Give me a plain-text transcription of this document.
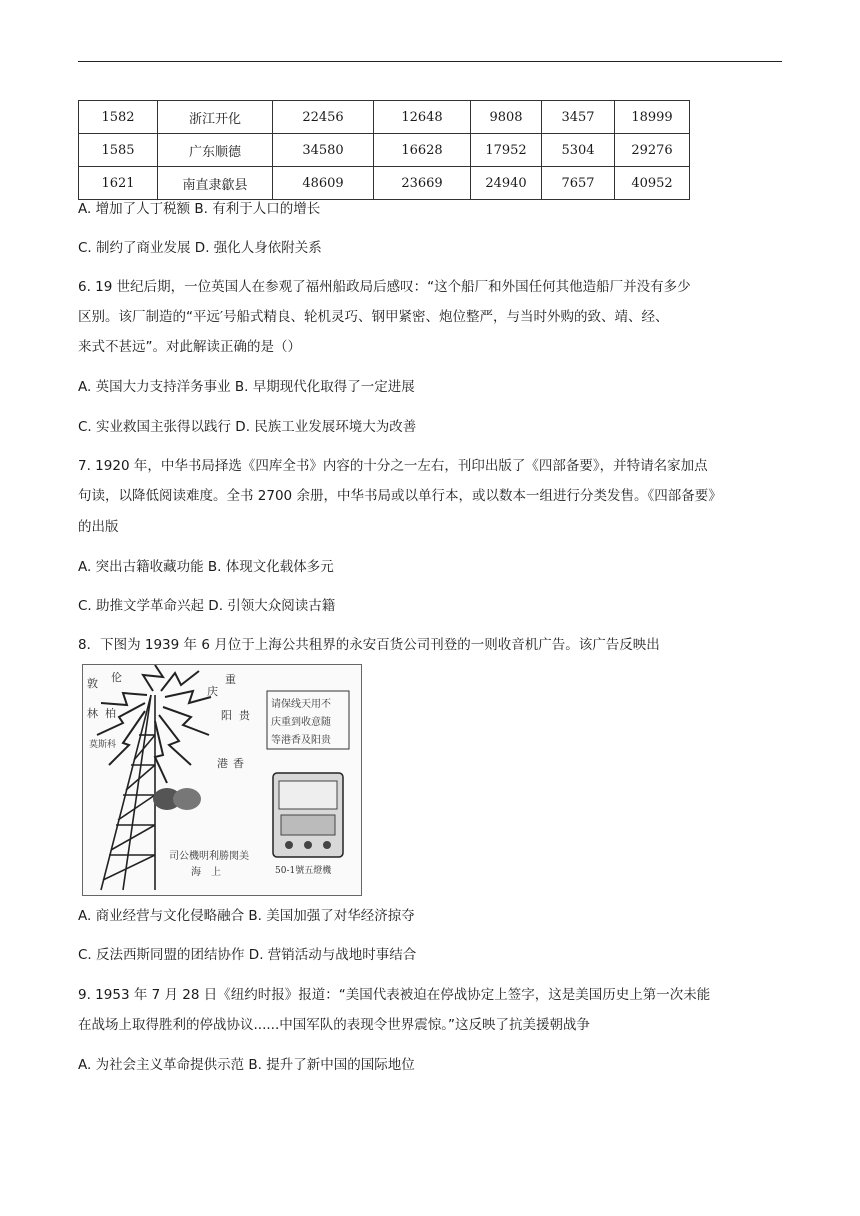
1582	浙江开化	22456	12648	9808	3457	18999
1585	广东顺德	34580	16628	17952	5304	29276
1621	南直隶歙县	48609	23669	24940	7657	40952
A. 增加了人丁税额 B. 有利于人口的增长
C. 制约了商业发展 D. 强化人身依附关系
6. 19 世纪后期，一位英国人在参观了福州船政局后感叹：“这个船厂和外国任何其他造船厂并没有多少
区别。该厂制造的“平远′号船式精良、轮机灵巧、钢甲紧密、炮位整严，与当时外购的致、靖、经、
来式不甚远”。对此解读正确的是（）
A. 英国大力支持洋务事业 B. 早期现代化取得了一定进展
C. 实业救国主张得以践行 D. 民族工业发展环境大为改善
7. 1920 年，中华书局择选《四库全书》内容的十分之一左右，刊印出版了《四部备要》，并特请名家加点
句读，以降低阅读难度。全书 2700 余册，中华书局或以单行本，或以数本一组进行分类发售。《四部备要》
的出版
A. 突出古籍收藏功能 B. 体现文化载体多元
C. 助推文学革命兴起 D. 引领大众阅读古籍
8．下图为 1939 年 6 月位于上海公共租界的永安百货公司刊登的一则收音机广告。该广告反映出
敦 伦
林 柏
莫斯科
重
庆
阳 贵
港 香
请保线天用不
庆重到收意随
等港香及阳贵
司公機明利勝関美
海　上	50-1號五燈機
A. 商业经营与文化侵略融合 B. 美国加强了对华经济掠夺
C. 反法西斯同盟的团结协作 D. 营销活动与战地时事结合
9. 1953 年 7 月 28 日《纽约时报》报道：“美国代表被迫在停战协定上签字，这是美国历史上第一次未能
在战场上取得胜利的停战协议......中国军队的表现令世界震惊。”这反映了抗美援朝战争
A. 为社会主义革命提供示范 B. 提升了新中国的国际地位
